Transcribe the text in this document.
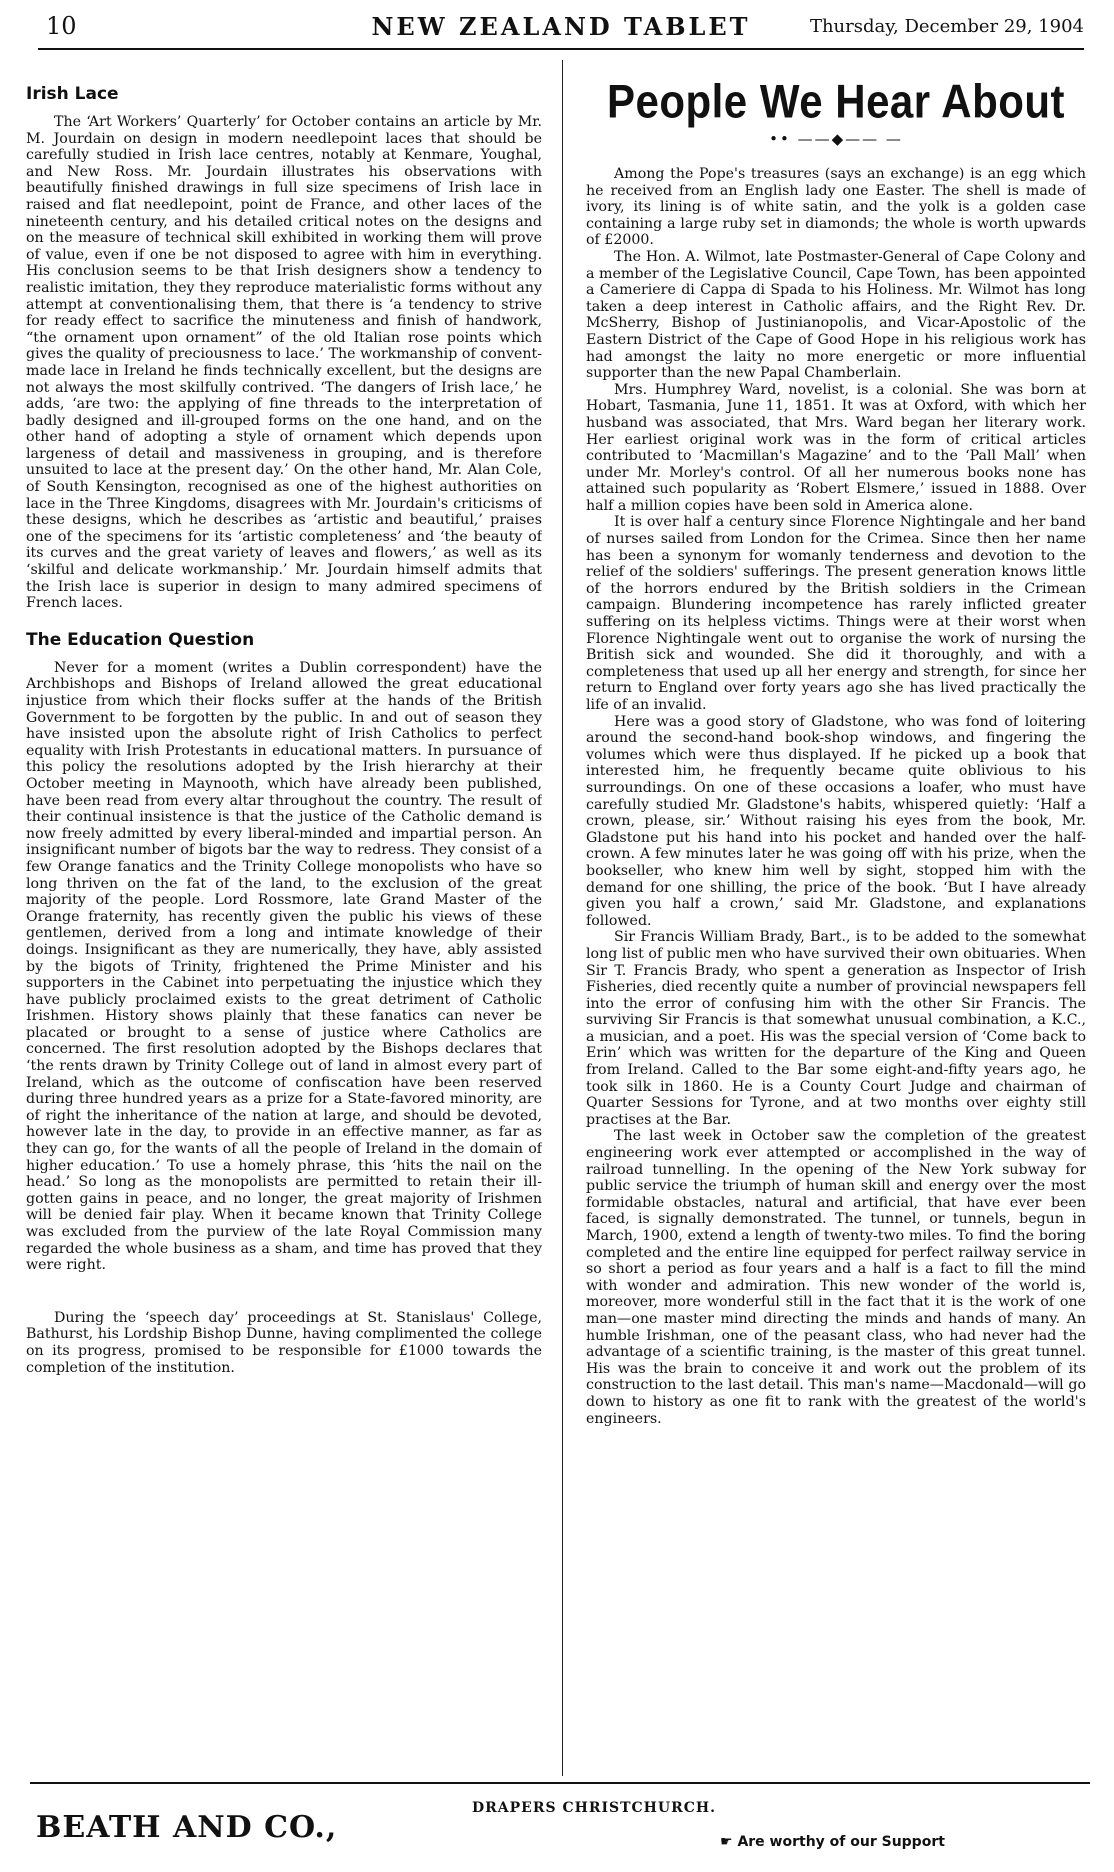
10	NEW ZEALAND TABLET	Thursday, December 29, 1904
Irish Lace

The ‘Art Workers’ Quarterly’ for October contains an article by Mr. M. Jourdain on design in modern needlepoint laces that should be carefully studied in Irish lace centres, notably at Kenmare, Youghal, and New Ross. Mr. Jourdain illustrates his observations with beautifully finished drawings in full size specimens of Irish lace in raised and flat needlepoint, point de France, and other laces of the nineteenth century, and his detailed critical notes on the designs and on the measure of technical skill exhibited in working them will prove of value, even if one be not disposed to agree with him in everything. His conclusion seems to be that Irish designers show a tendency to realistic imitation, they they reproduce materialistic forms without any attempt at conventionalising them, that there is ‘a tendency to strive for ready effect to sacrifice the minuteness and finish of handwork, “the ornament upon ornament” of the old Italian rose points which gives the quality of preciousness to lace.’ The workmanship of convent-made lace in Ireland he finds technically excellent, but the designs are not always the most skilfully contrived. ‘The dangers of Irish lace,’ he adds, ‘are two: the applying of fine threads to the interpretation of badly designed and ill-grouped forms on the one hand, and on the other hand of adopting a style of ornament which depends upon largeness of detail and massiveness in grouping, and is therefore unsuited to lace at the present day.’ On the other hand, Mr. Alan Cole, of South Kensington, recognised as one of the highest authorities on lace in the Three Kingdoms, disagrees with Mr. Jourdain's criticisms of these designs, which he describes as ‘artistic and beautiful,’ praises one of the specimens for its ‘artistic completeness’ and ‘the beauty of its curves and the great variety of leaves and flowers,’ as well as its ‘skilful and delicate workmanship.’ Mr. Jourdain himself admits that the Irish lace is superior in design to many admired specimens of French laces.

The Education Question

Never for a moment (writes a Dublin correspondent) have the Archbishops and Bishops of Ireland allowed the great educational injustice from which their flocks suffer at the hands of the British Government to be forgotten by the public. In and out of season they have insisted upon the absolute right of Irish Catholics to perfect equality with Irish Protestants in educational matters. In pursuance of this policy the resolutions adopted by the Irish hierarchy at their October meeting in Maynooth, which have already been published, have been read from every altar throughout the country. The result of their continual insistence is that the justice of the Catholic demand is now freely admitted by every liberal-minded and impartial person. An insignificant number of bigots bar the way to redress. They consist of a few Orange fanatics and the Trinity College monopolists who have so long thriven on the fat of the land, to the exclusion of the great majority of the people. Lord Rossmore, late Grand Master of the Orange fraternity, has recently given the public his views of these gentlemen, derived from a long and intimate knowledge of their doings. Insignificant as they are numerically, they have, ably assisted by the bigots of Trinity, frightened the Prime Minister and his supporters in the Cabinet into perpetuating the injustice which they have publicly proclaimed exists to the great detriment of Catholic Irishmen. History shows plainly that these fanatics can never be placated or brought to a sense of justice where Catholics are concerned. The first resolution adopted by the Bishops declares that ‘the rents drawn by Trinity College out of land in almost every part of Ireland, which as the outcome of confiscation have been reserved during three hundred years as a prize for a State-favored minority, are of right the inheritance of the nation at large, and should be devoted, however late in the day, to provide in an effective manner, as far as they can go, for the wants of all the people of Ireland in the domain of higher education.’ To use a homely phrase, this ‘hits the nail on the head.’ So long as the monopolists are permitted to retain their ill-gotten gains in peace, and no longer, the great majority of Irishmen will be denied fair play. When it became known that Trinity College was excluded from the purview of the late Royal Commission many regarded the whole business as a sham, and time has proved that they were right.

During the ‘speech day’ proceedings at St. Stanislaus' College, Bathurst, his Lordship Bishop Dunne, having complimented the college on its progress, promised to be responsible for £1000 towards the completion of the institution.

People We Hear About
•• ——◆—— —

Among the Pope's treasures (says an exchange) is an egg which he received from an English lady one Easter. The shell is made of ivory, its lining is of white satin, and the yolk is a golden case containing a large ruby set in diamonds; the whole is worth upwards of £2000.

The Hon. A. Wilmot, late Postmaster-General of Cape Colony and a member of the Legislative Council, Cape Town, has been appointed a Cameriere di Cappa di Spada to his Holiness. Mr. Wilmot has long taken a deep interest in Catholic affairs, and the Right Rev. Dr. McSherry, Bishop of Justinianopolis, and Vicar-Apostolic of the Eastern District of the Cape of Good Hope in his religious work has had amongst the laity no more energetic or more influential supporter than the new Papal Chamberlain.

Mrs. Humphrey Ward, novelist, is a colonial. She was born at Hobart, Tasmania, June 11, 1851. It was at Oxford, with which her husband was associated, that Mrs. Ward began her literary work. Her earliest original work was in the form of critical articles contributed to ‘Macmillan's Magazine’ and to the ‘Pall Mall’ when under Mr. Morley's control. Of all her numerous books none has attained such popularity as ‘Robert Elsmere,’ issued in 1888. Over half a million copies have been sold in America alone.

It is over half a century since Florence Nightingale and her band of nurses sailed from London for the Crimea. Since then her name has been a synonym for womanly tenderness and devotion to the relief of the soldiers' sufferings. The present generation knows little of the horrors endured by the British soldiers in the Crimean campaign. Blundering incompetence has rarely inflicted greater suffering on its helpless victims. Things were at their worst when Florence Nightingale went out to organise the work of nursing the British sick and wounded. She did it thoroughly, and with a completeness that used up all her energy and strength, for since her return to England over forty years ago she has lived practically the life of an invalid.

Here was a good story of Gladstone, who was fond of loitering around the second-hand book-shop windows, and fingering the volumes which were thus displayed. If he picked up a book that interested him, he frequently became quite oblivious to his surroundings. On one of these occasions a loafer, who must have carefully studied Mr. Gladstone's habits, whispered quietly: ‘Half a crown, please, sir.’ Without raising his eyes from the book, Mr. Gladstone put his hand into his pocket and handed over the half-crown. A few minutes later he was going off with his prize, when the bookseller, who knew him well by sight, stopped him with the demand for one shilling, the price of the book. ‘But I have already given you half a crown,’ said Mr. Gladstone, and explanations followed.

Sir Francis William Brady, Bart., is to be added to the somewhat long list of public men who have survived their own obituaries. When Sir T. Francis Brady, who spent a generation as Inspector of Irish Fisheries, died recently quite a number of provincial newspapers fell into the error of confusing him with the other Sir Francis. The surviving Sir Francis is that somewhat unusual combination, a K.C., a musician, and a poet. His was the special version of ‘Come back to Erin’ which was written for the departure of the King and Queen from Ireland. Called to the Bar some eight-and-fifty years ago, he took silk in 1860. He is a County Court Judge and chairman of Quarter Sessions for Tyrone, and at two months over eighty still practises at the Bar.

The last week in October saw the completion of the greatest engineering work ever attempted or accomplished in the way of railroad tunnelling. In the opening of the New York subway for public service the triumph of human skill and energy over the most formidable obstacles, natural and artificial, that have ever been faced, is signally demonstrated. The tunnel, or tunnels, begun in March, 1900, extend a length of twenty-two miles. To find the boring completed and the entire line equipped for perfect railway service in so short a period as four years and a half is a fact to fill the mind with wonder and admiration. This new wonder of the world is, moreover, more wonderful still in the fact that it is the work of one man—one master mind directing the minds and hands of many. An humble Irishman, one of the peasant class, who had never had the advantage of a scientific training, is the master of this great tunnel. His was the brain to conceive it and work out the problem of its construction to the last detail. This man's name—Macdonald—will go down to history as one fit to rank with the greatest of the world's engineers.

BEATH AND CO.,
DRAPERS CHRISTCHURCH.
☛ Are worthy of our Support
